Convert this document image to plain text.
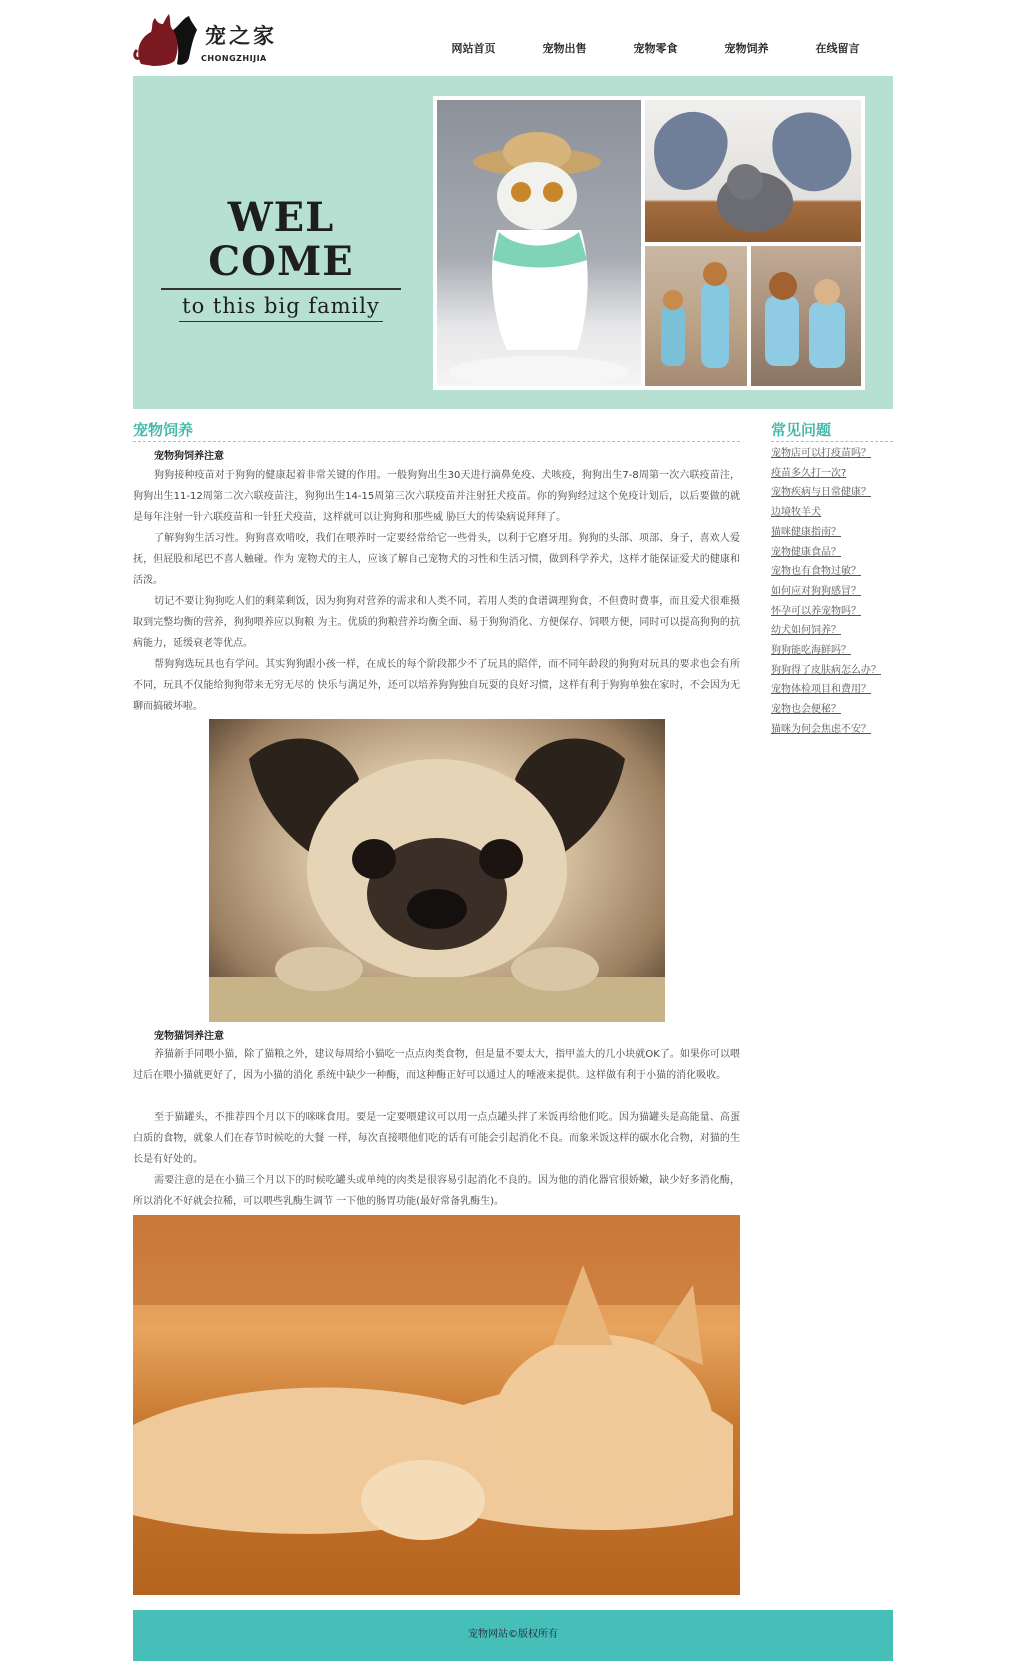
宠之家
CHONGZHIJIA
网站首页	宠物出售	宠物零食	宠物饲养	在线留言
WEL COME
to this big family
宠物饲养
宠物狗饲养注意

狗狗接种疫苗对于狗狗的健康起着非常关键的作用。一般狗狗出生30天进行滴鼻免疫、犬咳疫，狗狗出生7-8周第一次六联疫苗注，狗狗出生11-12周第二次六联疫苗注，狗狗出生14-15周第三次六联疫苗并注射狂犬疫苗。你的狗狗经过这个免疫计划后，以后要做的就是每年注射一针六联疫苗和一针狂犬疫苗，这样就可以让狗狗和那些威 胁巨大的传染病说拜拜了。

了解狗狗生活习性。狗狗喜欢啃咬，我们在喂养时一定要经常给它一些骨头，以利于它磨牙用。狗狗的头部、项部、身子，喜欢人爱抚，但屁股和尾巴不喜人触碰。作为 宠物犬的主人，应该了解自己宠物犬的习性和生活习惯，做到科学养犬，这样才能保证爱犬的健康和活泼。

切记不要让狗狗吃人们的剩菜剩饭，因为狗狗对营养的需求和人类不同，若用人类的食谱调理狗食，不但费时费事，而且爱犬很难摄取到完整均衡的营养，狗狗喂养应以狗粮 为主。优质的狗粮营养均衡全面、易于狗狗消化、方便保存、饲喂方便，同时可以提高狗狗的抗病能力，延缓衰老等优点。

帮狗狗选玩具也有学问。其实狗狗跟小孩一样，在成长的每个阶段都少不了玩具的陪伴，而不同年龄段的狗狗对玩具的要求也会有所不同，玩具不仅能给狗狗带来无穷无尽的 快乐与满足外，还可以培养狗狗独自玩耍的良好习惯，这样有利于狗狗单独在家时，不会因为无聊而搞破坏啦。

宠物猫饲养注意

养猫新手同喂小猫，除了猫粮之外，建议每周给小猫吃一点点肉类食物，但是量不要太大，指甲盖大的几小块就OK了。如果你可以喂过后在喂小猫就更好了，因为小猫的消化 系统中缺少一种酶，而这种酶正好可以通过人的唾液来提供。这样做有利于小猫的消化吸收。

至于猫罐头，不推荐四个月以下的咪咪食用。要是一定要喂建议可以用一点点罐头拌了米饭再给他们吃。因为猫罐头是高能量、高蛋白质的食物，就象人们在春节时候吃的大餐 一样，每次直接喂他们吃的话有可能会引起消化不良。而象米饭这样的碳水化合物，对猫的生长是有好处的。

需要注意的是在小猫三个月以下的时候吃罐头或单纯的肉类是很容易引起消化不良的。因为他的消化器官很娇嫩，缺少好多消化酶，所以消化不好就会拉稀，可以喂些乳酶生调节 一下他的肠胃功能(最好常备乳酶生)。

常见问题
宠物店可以打疫苗吗？
疫苗多久打一次?
宠物疾病与日常健康？
边境牧羊犬
猫咪健康指南？
宠物健康食品？
宠物也有食物过敏？
如何应对狗狗感冒？
怀孕可以养宠物吗？
幼犬如何饲养？
狗狗能吃海鲜吗？
狗狗得了皮肤病怎么办？
宠物体检项目和费用？
宠物也会便秘？
猫咪为何会焦虑不安？
宠物网站©版权所有
